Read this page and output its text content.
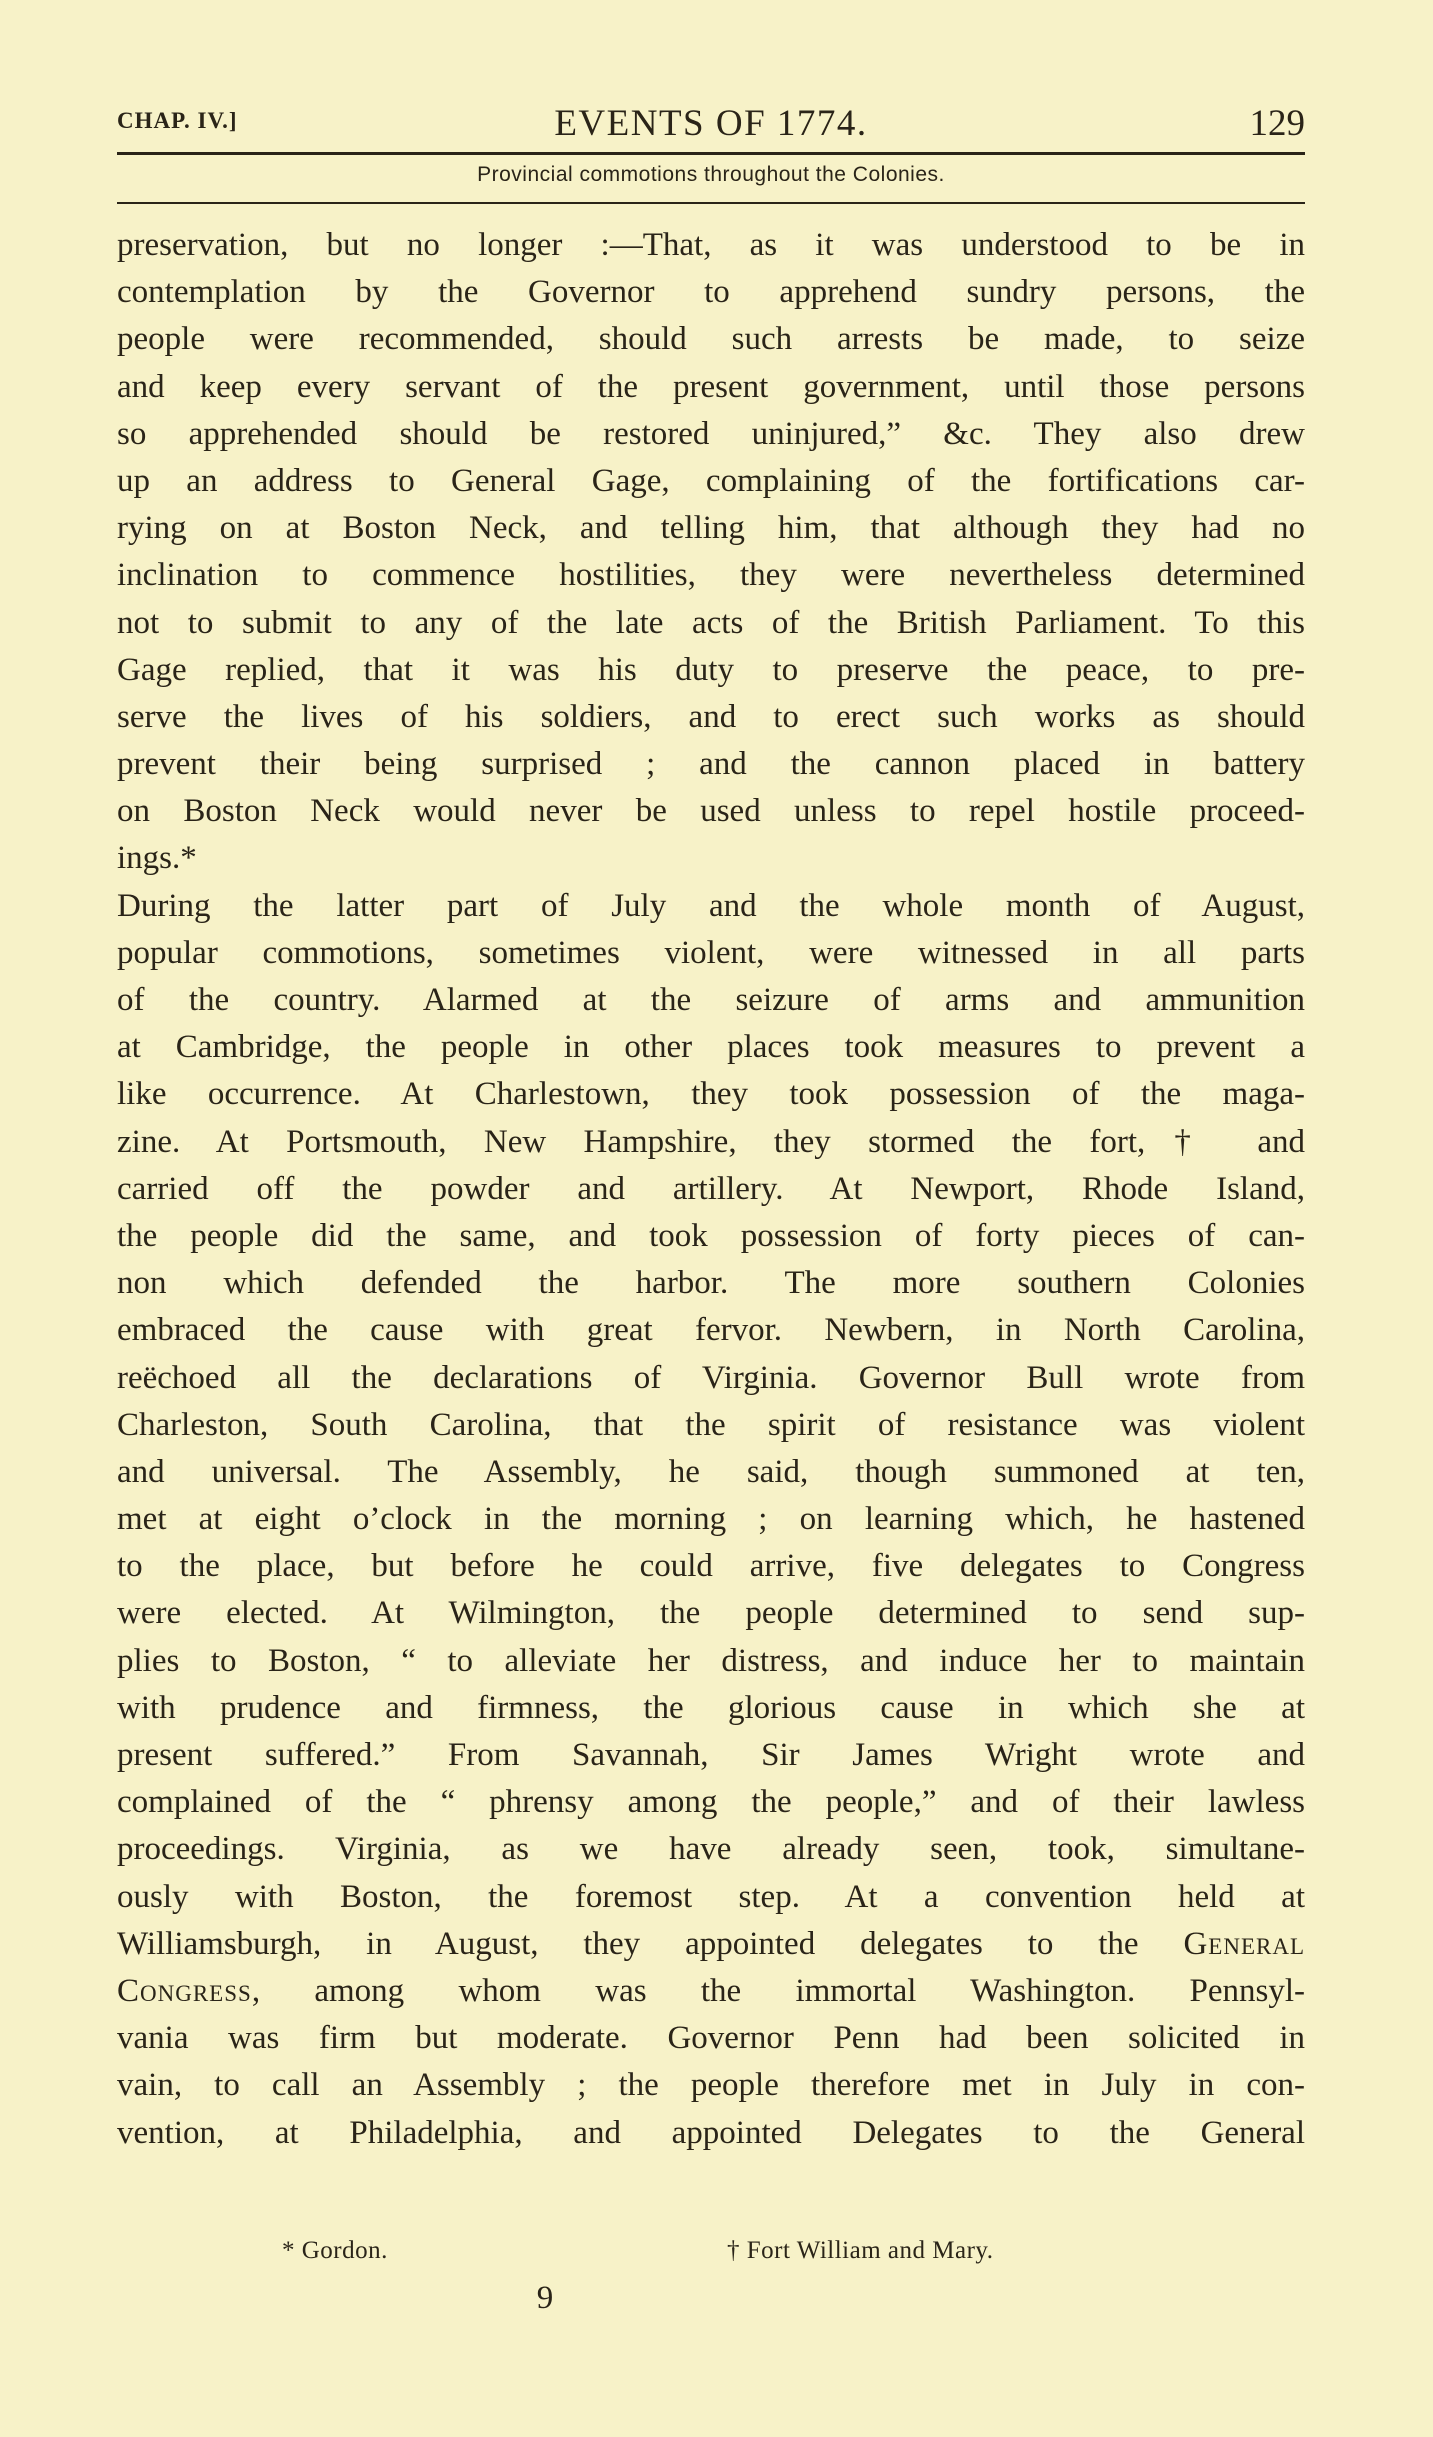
CHAP. IV.]	EVENTS OF 1774.	129
Provincial commotions throughout the Colonies.
preservation, but no longer :—That, as it was understood to be in
contemplation by the Governor to apprehend sundry persons, the
people were recommended, should such arrests be made, to seize
and keep every servant of the present government, until those persons
so apprehended should be restored uninjured,” &c. They also drew
up an address to General Gage, complaining of the fortifications car-
rying on at Boston Neck, and telling him, that although they had no
inclination to commence hostilities, they were nevertheless determined
not to submit to any of the late acts of the British Parliament. To this
Gage replied, that it was his duty to preserve the peace, to pre-
serve the lives of his soldiers, and to erect such works as should
prevent their being surprised ; and the cannon placed in battery
on Boston Neck would never be used unless to repel hostile proceed-
ings.*
During the latter part of July and the whole month of August,
popular commotions, sometimes violent, were witnessed in all parts
of the country. Alarmed at the seizure of arms and ammunition
at Cambridge, the people in other places took measures to prevent a
like occurrence. At Charlestown, they took possession of the maga-
zine. At Portsmouth, New Hampshire, they stormed the fort,† and
carried off the powder and artillery. At Newport, Rhode Island,
the people did the same, and took possession of forty pieces of can-
non which defended the harbor. The more southern Colonies
embraced the cause with great fervor. Newbern, in North Carolina,
reëchoed all the declarations of Virginia. Governor Bull wrote from
Charleston, South Carolina, that the spirit of resistance was violent
and universal. The Assembly, he said, though summoned at ten,
met at eight o’clock in the morning ; on learning which, he hastened
to the place, but before he could arrive, five delegates to Congress
were elected. At Wilmington, the people determined to send sup-
plies to Boston, “ to alleviate her distress, and induce her to maintain
with prudence and firmness, the glorious cause in which she at
present suffered.” From Savannah, Sir James Wright wrote and
complained of the “ phrensy among the people,” and of their lawless
proceedings. Virginia, as we have already seen, took, simultane-
ously with Boston, the foremost step. At a convention held at
Williamsburgh, in August, they appointed delegates to the General
Congress, among whom was the immortal Washington. Pennsyl-
vania was firm but moderate. Governor Penn had been solicited in
vain, to call an Assembly ; the people therefore met in July in con-
vention, at Philadelphia, and appointed Delegates to the General
* Gordon.	† Fort William and Mary.
9
